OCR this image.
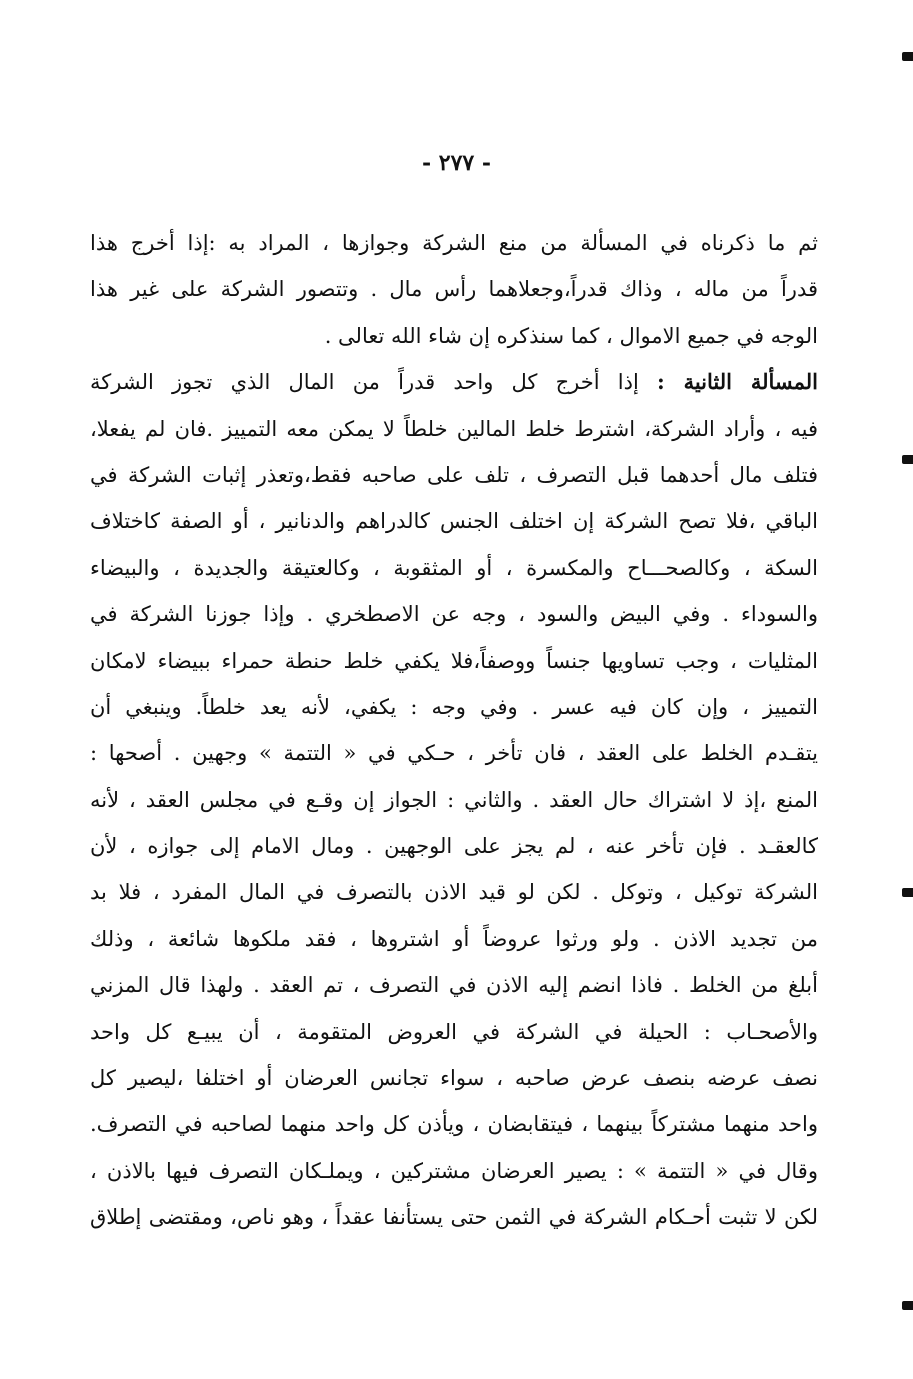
- ٢٧٧ -
ثم ما ذكرناه في المسألة من منع الشركة وجوازها ، المراد به :إذا أخرج هذا
قدراً من ماله ، وذاك قدراً،وجعلاهما رأس مال . وتتصور الشركة على غير هذا
الوجه في جميع الاموال ، كما سنذكره إن شاء الله تعالى .
المسألة الثانية : إذا أخرج كل واحد قدراً من المال الذي تجوز الشركة
فيه ، وأراد الشركة، اشترط خلط المالين خلطاً لا يمكن معه التمييز .فان لم يفعلا،
فتلف مال أحدهما قبل التصرف ، تلف على صاحبه فقط،وتعذر إثبات الشركة في
الباقي ،فلا تصح الشركة إن اختلف الجنس كالدراهم والدنانير ، أو الصفة كاختلاف
السكة ، وكالصحـــاح والمكسرة ، أو المثقوبة ، وكالعتيقة والجديدة ، والبيضاء
والسوداء . وفي البيض والسود ، وجه عن الاصطخري . وإذا جوزنا الشركة في
المثليات ، وجب تساويها جنساً ووصفاً،فلا يكفي خلط حنطة حمراء ببيضاء لامكان
التمييز ، وإن كان فيه عسر . وفي وجه : يكفي، لأنه يعد خلطاً. وينبغي أن
يتقـدم الخلط على العقد ، فان تأخر ، حـكي في « التتمة » وجهين . أصحها :
المنع ،إذ لا اشتراك حال العقد . والثاني : الجواز إن وقـع في مجلس العقد ، لأنه
كالعقـد . فإن تأخر عنه ، لم يجز على الوجهين . ومال الامام إلى جوازه ، لأن
الشركة توكيل ، وتوكل . لكن لو قيد الاذن بالتصرف في المال المفرد ، فلا بد
من تجديد الاذن . ولو ورثوا عروضاً أو اشتروها ، فقد ملكوها شائعة ، وذلك
أبلغ من الخلط . فاذا انضم إليه الاذن في التصرف ، تم العقد . ولهذا قال المزني
والأصحـاب : الحيلة في الشركة في العروض المتقومة ، أن يبيـع كل واحد
نصف عرضه بنصف عرض صاحبه ، سواء تجانس العرضان أو اختلفا ،ليصير كل
واحد منهما مشتركاً بينهما ، فيتقابضان ، ويأذن كل واحد منهما لصاحبه في التصرف.
وقال في « التتمة » : يصير العرضان مشتركين ، ويملـكان التصرف فيها بالاذن ،
لكن لا تثبت أحـكام الشركة في الثمن حتى يستأنفا عقداً ، وهو ناص، ومقتضى إطلاق
